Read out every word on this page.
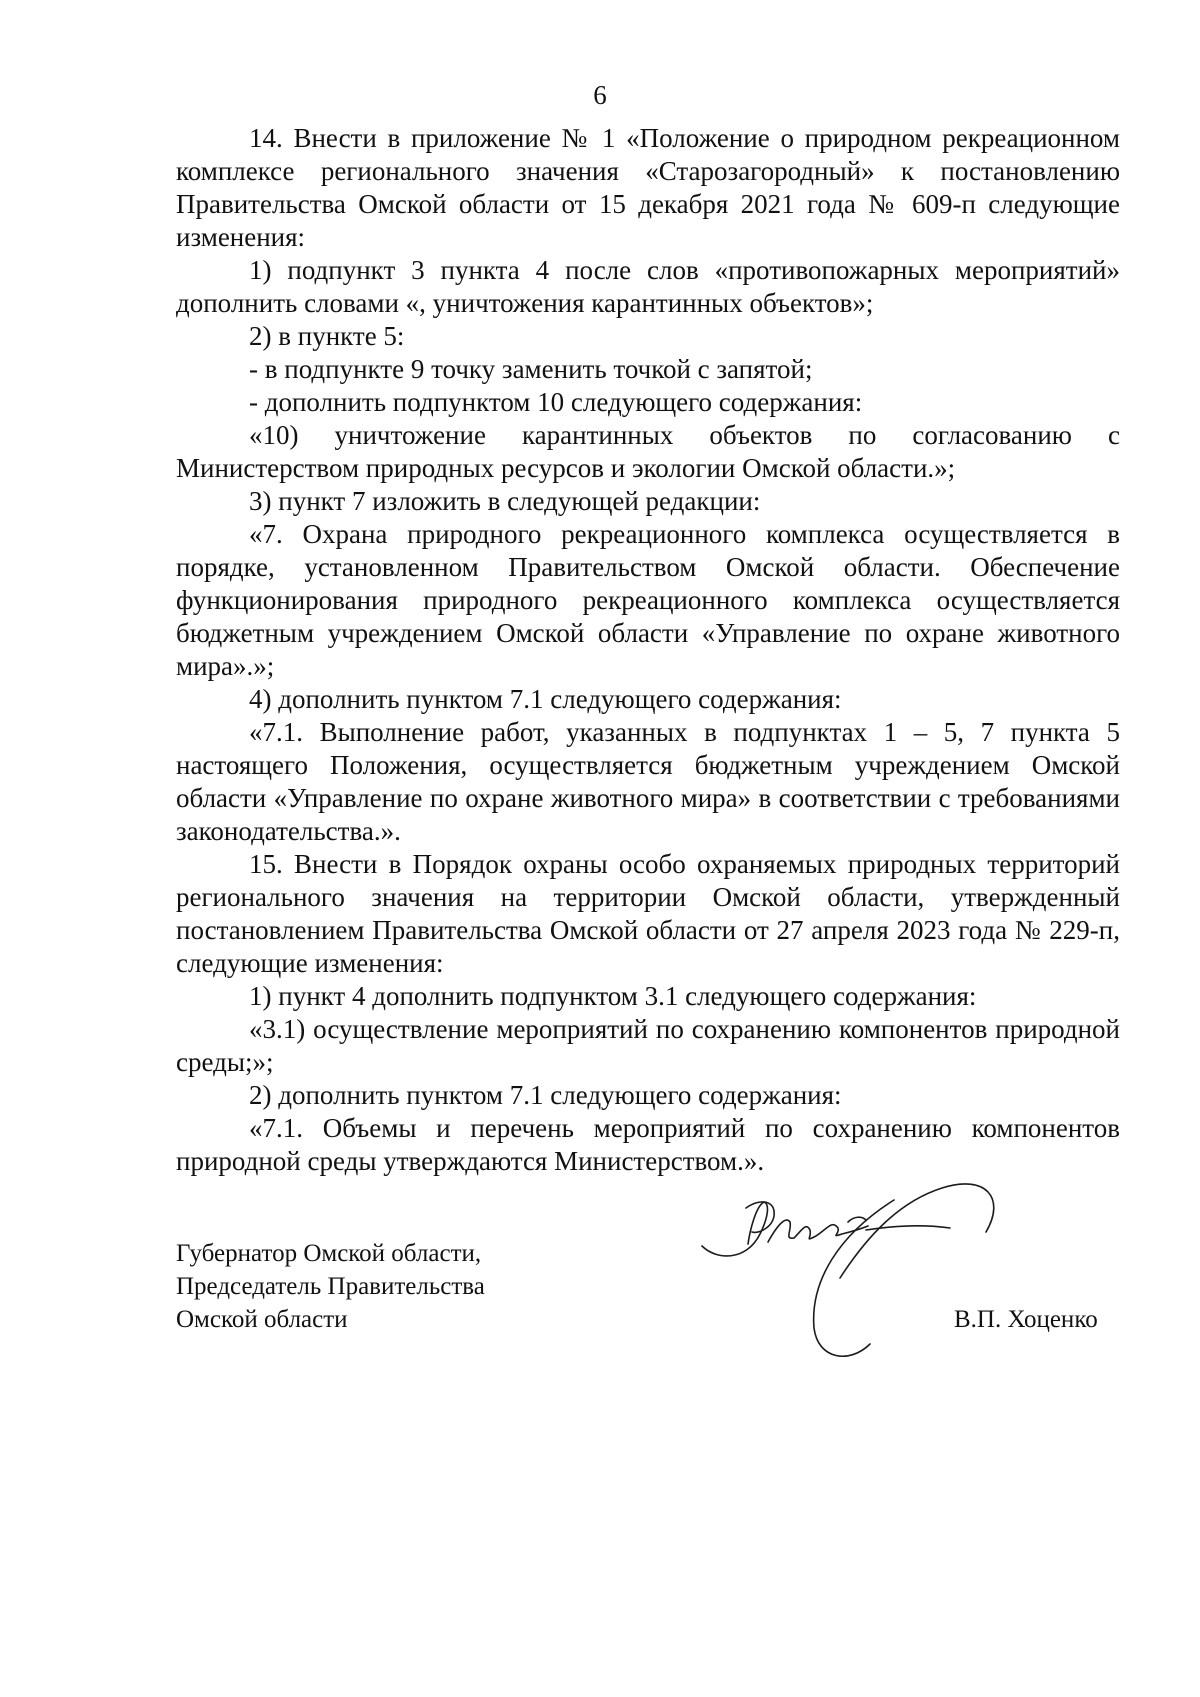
6

14. Внести в приложение № 1 «Положение о природном рекреационном комплексе регионального значения «Старозагородный» к постановлению Правительства Омской области от 15 декабря 2021 года № 609-п следующие изменения:

1) подпункт 3 пункта 4 после слов «противопожарных мероприятий» дополнить словами «, уничтожения карантинных объектов»;

2) в пункте 5:

- в подпункте 9 точку заменить точкой с запятой;

- дополнить подпунктом 10 следующего содержания:

«10) уничтожение карантинных объектов по согласованию с Министерством природных ресурсов и экологии Омской области.»;

3) пункт 7 изложить в следующей редакции:

«7. Охрана природного рекреационного комплекса осуществляется в порядке, установленном Правительством Омской области. Обеспечение функционирования природного рекреационного комплекса осуществляется бюджетным учреждением Омской области «Управление по охране животного мира».»;

4) дополнить пунктом 7.1 следующего содержания:

«7.1. Выполнение работ, указанных в подпунктах 1 – 5, 7 пункта 5 настоящего Положения, осуществляется бюджетным учреждением Омской области «Управление по охране животного мира» в соответствии с требованиями законодательства.».

15. Внести в Порядок охраны особо охраняемых природных территорий регионального значения на территории Омской области, утвержденный постановлением Правительства Омской области от 27 апреля 2023 года № 229-п, следующие изменения:

1) пункт 4 дополнить подпунктом 3.1 следующего содержания:

«3.1) осуществление мероприятий по сохранению компонентов природной среды;»;

2) дополнить пунктом 7.1 следующего содержания:

«7.1. Объемы и перечень мероприятий по сохранению компонентов природной среды утверждаются Министерством.».

Губернатор Омской области,
Председатель Правительства
Омской области	В.П. Хоценко
